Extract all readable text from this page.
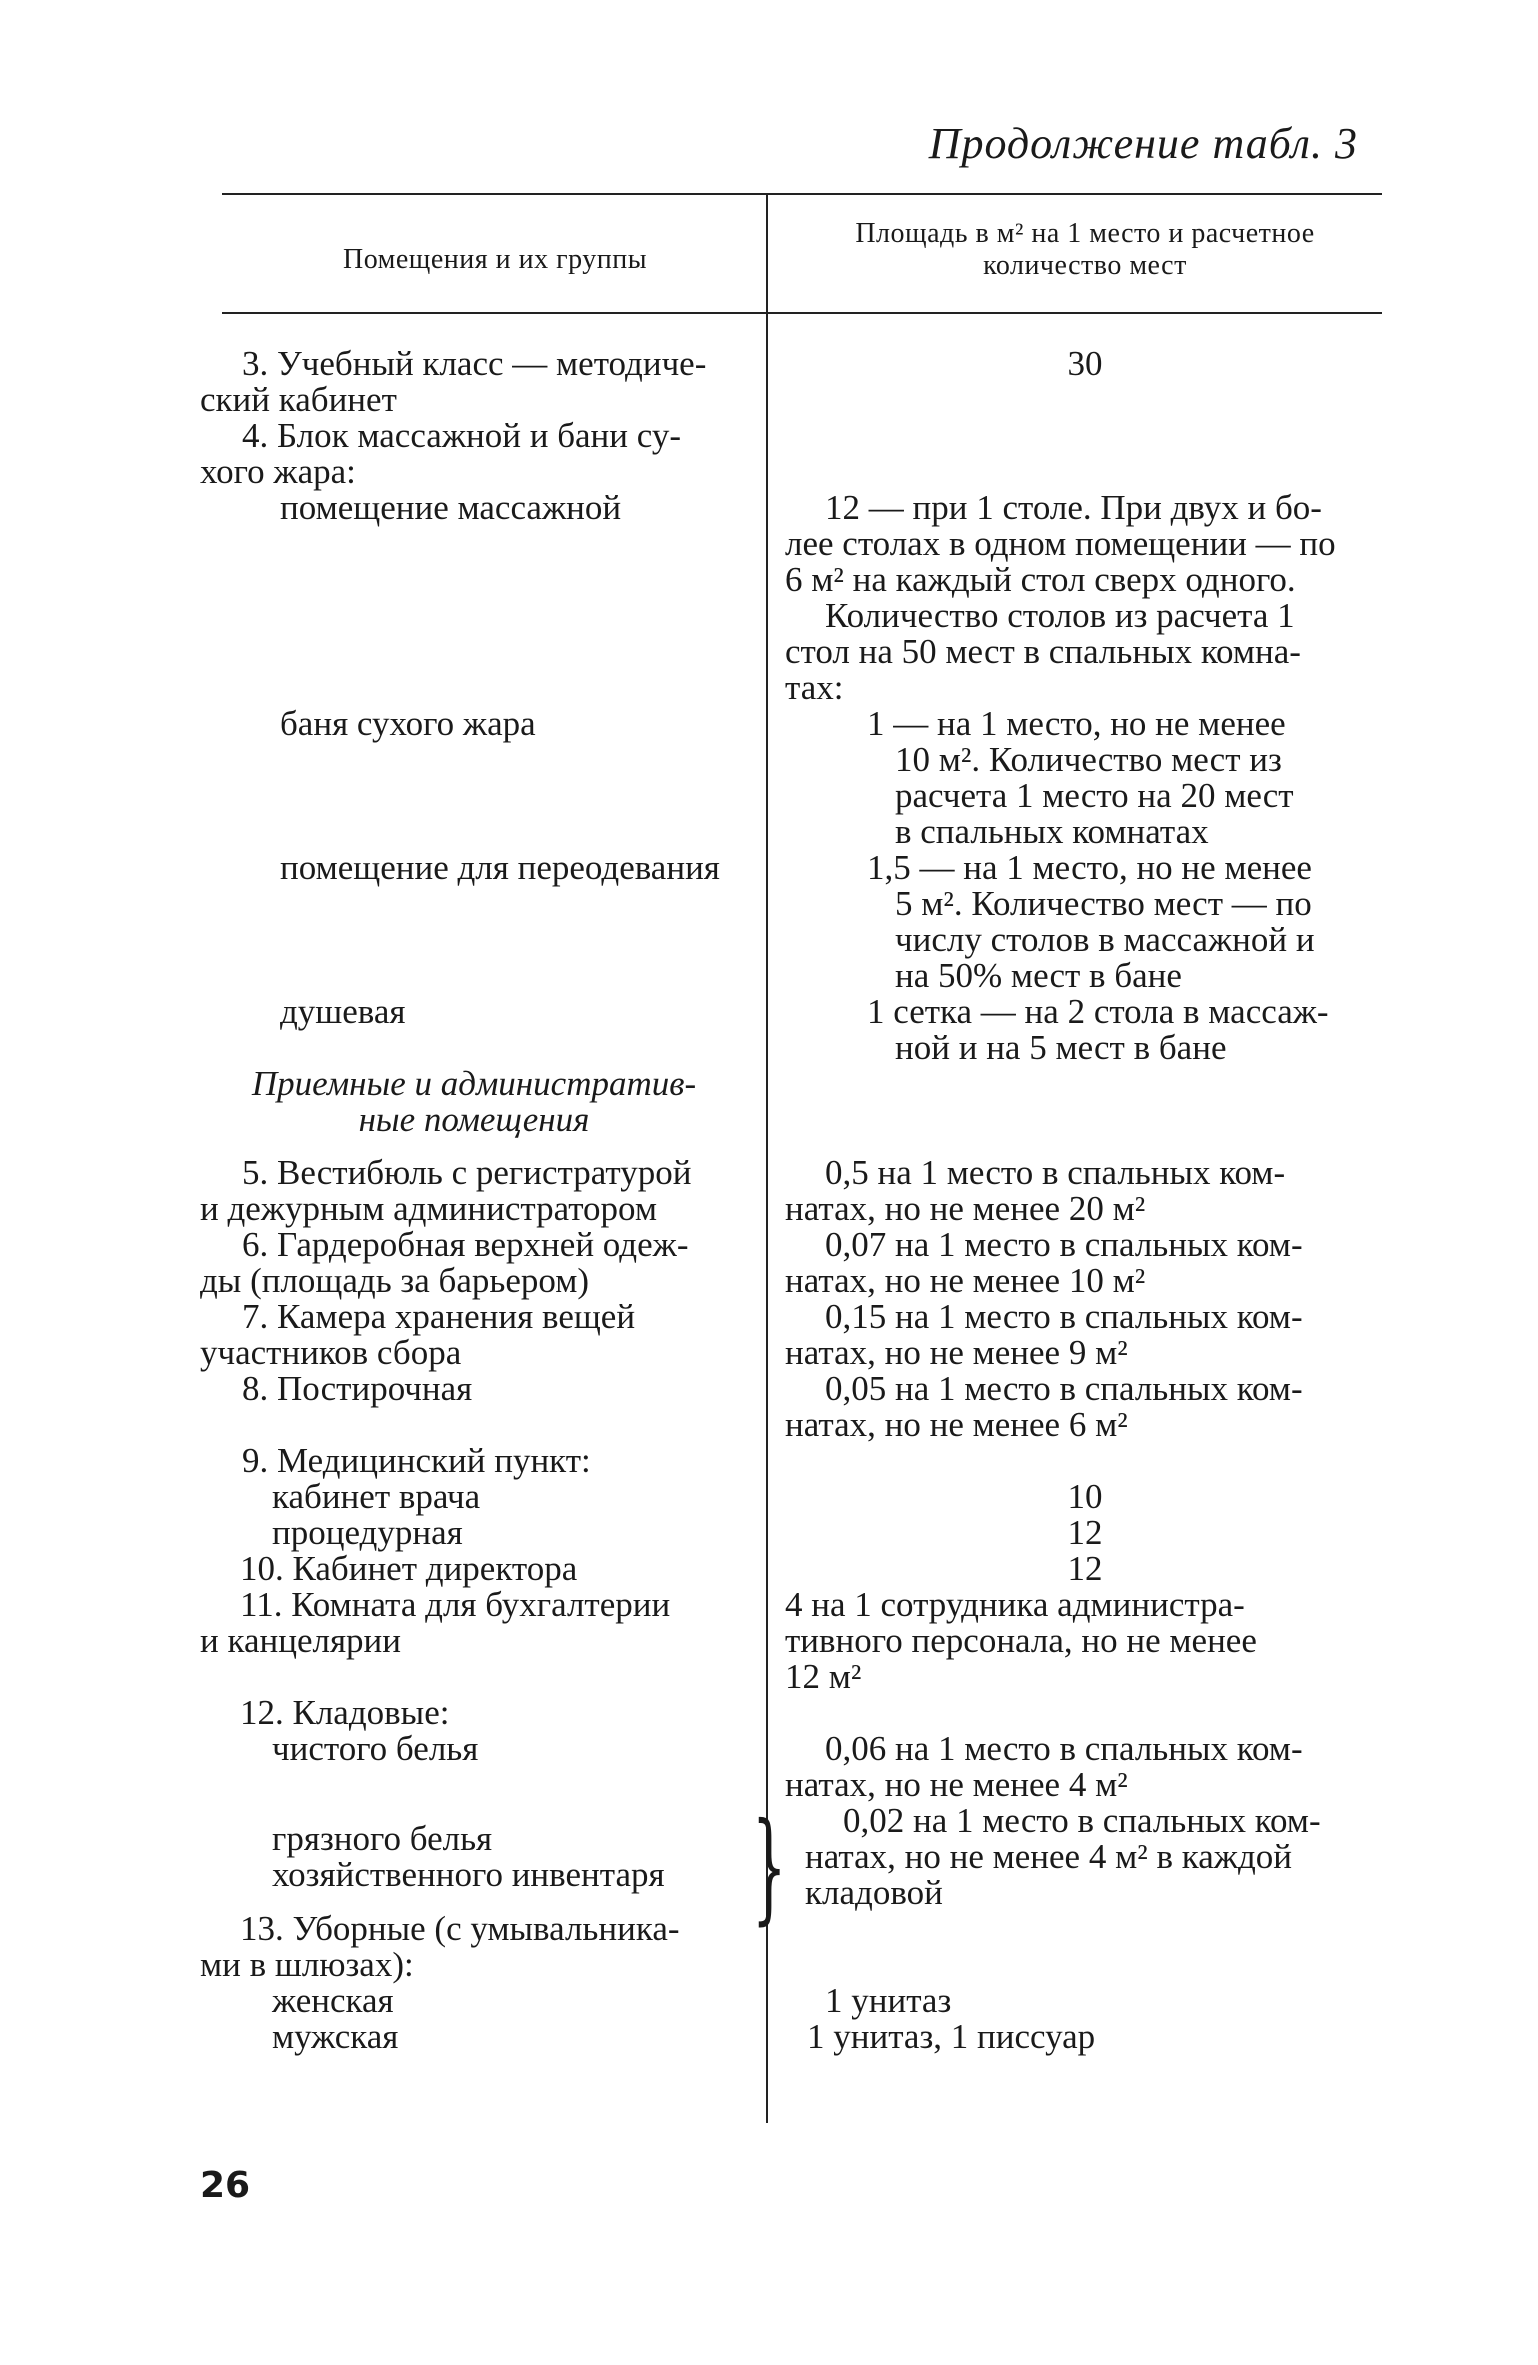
Продолжение табл. 3
Помещения и их группы
Площадь в м² на 1 место и расчетное
количество мест

3. Учебный класс — методиче-

ский кабинет

4. Блок массажной и бани су-

хого жара:

помещение массажной

баня сухого жара

помещение для переодевания

душевая

Приемные и административ-

ные помещения

5. Вестибюль с регистратурой

и дежурным администратором

6. Гардеробная верхней одеж-

ды (площадь за барьером)

7. Камера хранения вещей

участников сбора

8. Постирочная

9. Медицинский пункт:

кабинет врача

процедурная

10. Кабинет директора

11. Комната для бухгалтерии

и канцелярии

12. Кладовые:

чистого белья

грязного белья

хозяйственного инвентаря

13. Уборные (с умывальника-

ми в шлюзах):

женская

мужская

30

12 — при 1 столе. При двух и бо-

лее столах в одном помещении — по

6 м² на каждый стол сверх одного.

Количество столов из расчета 1

стол на 50 мест в спальных комна-

тах:

1 — на 1 место, но не менее

10 м². Количество мест из

расчета 1 место на 20 мест

в спальных комнатах

1,5 — на 1 место, но не менее

5 м². Количество мест — по

числу столов в массажной и

на 50% мест в бане

1 сетка — на 2 стола в массаж-

ной и на 5 мест в бане

0,5 на 1 место в спальных ком-

натах, но не менее 20 м²

0,07 на 1 место в спальных ком-

натах, но не менее 10 м²

0,15 на 1 место в спальных ком-

натах, но не менее 9 м²

0,05 на 1 место в спальных ком-

натах, но не менее 6 м²

10

12

12

4 на 1 сотрудника администра-

тивного персонала, но не менее

12 м²

0,06 на 1 место в спальных ком-

натах, но не менее 4 м²

}	0,02 на 1 место в спальных ком-

натах, но не менее 4 м² в каждой

кладовой

1 унитаз

1 унитаз, 1 писсуар

26
